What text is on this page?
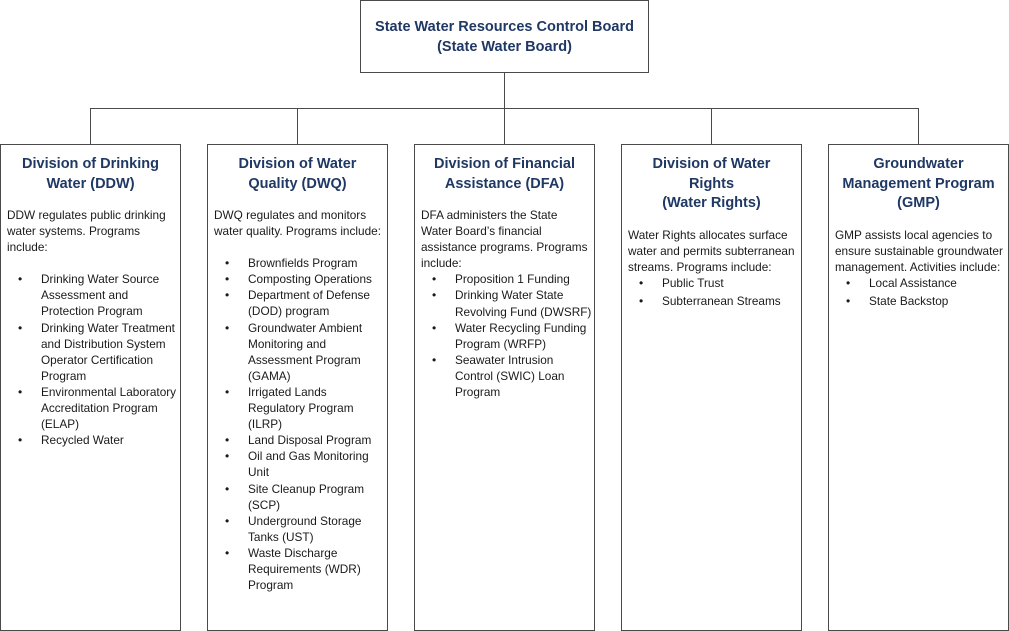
State Water Resources Control Board
(State Water Board)
Division of Drinking
Water (DDW)
DDW regulates public drinking water systems. Programs include:
• Drinking Water Source Assessment and Protection Program
• Drinking Water Treatment and Distribution System Operator Certification Program
• Environmental Laboratory Accreditation Program (ELAP)
• Recycled Water
Division of Water
Quality (DWQ)
DWQ regulates and monitors water quality. Programs include:
• Brownfields Program
• Composting Operations
• Department of Defense (DOD) program
• Groundwater Ambient Monitoring and Assessment Program (GAMA)
• Irrigated Lands Regulatory Program (ILRP)
• Land Disposal Program
• Oil and Gas Monitoring Unit
• Site Cleanup Program (SCP)
• Underground Storage Tanks (UST)
• Waste Discharge Requirements (WDR) Program
Division of Financial
Assistance (DFA)
DFA administers the State Water Board’s financial assistance programs. Programs include:
• Proposition 1 Funding
• Drinking Water State Revolving Fund (DWSRF)
• Water Recycling Funding Program (WRFP)
• Seawater Intrusion Control (SWIC) Loan Program
Division of Water Rights
(Water Rights)
Water Rights allocates surface water and permits subterranean streams. Programs include:
• Public Trust
• Subterranean Streams
Groundwater
Management Program
(GMP)
GMP assists local agencies to ensure sustainable groundwater management. Activities include:
• Local Assistance
• State Backstop
